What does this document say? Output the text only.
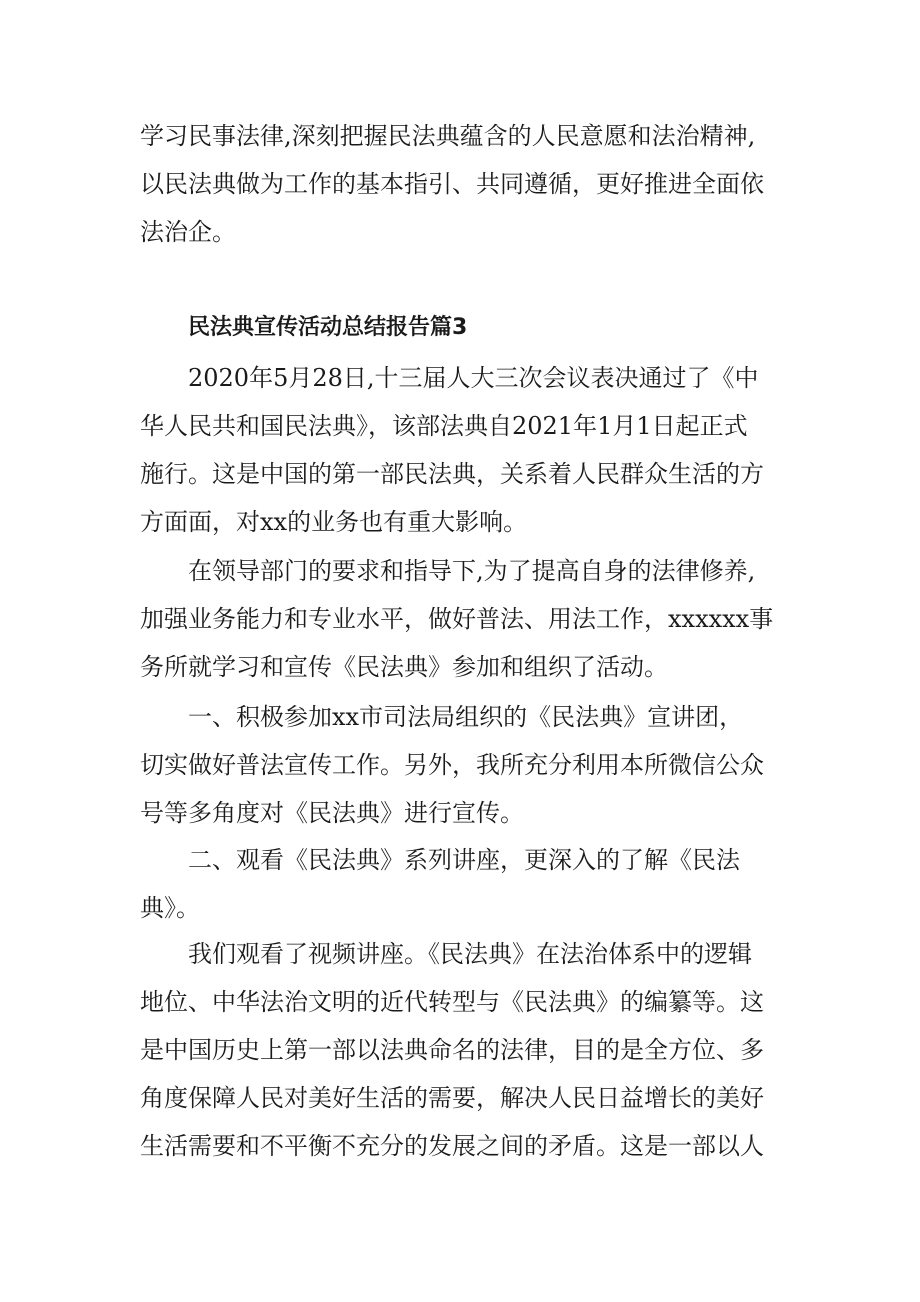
学习民事法律,深刻把握民法典蕴含的人民意愿和法治精神,
以民法典做为工作的基本指引、共同遵循，更好推进全面依
法治企。
民法典宣传活动总结报告篇3
2020年5月28日,十三届人大三次会议表决通过了《中
华人民共和国民法典》，该部法典自2021年1月1日起正式
施行。这是中国的第一部民法典，关系着人民群众生活的方
方面面，对xx的业务也有重大影响。
在领导部门的要求和指导下,为了提高自身的法律修养,
加强业务能力和专业水平，做好普法、用法工作，xxxxxx事
务所就学习和宣传《民法典》参加和组织了活动。
一、积极参加xx市司法局组织的《民法典》宣讲团，
切实做好普法宣传工作。另外，我所充分利用本所微信公众
号等多角度对《民法典》进行宣传。
二、观看《民法典》系列讲座，更深入的了解《民法
典》。
我们观看了视频讲座。《民法典》在法治体系中的逻辑
地位、中华法治文明的近代转型与《民法典》的编纂等。这
是中国历史上第一部以法典命名的法律，目的是全方位、多
角度保障人民对美好生活的需要，解决人民日益增长的美好
生活需要和不平衡不充分的发展之间的矛盾。这是一部以人
